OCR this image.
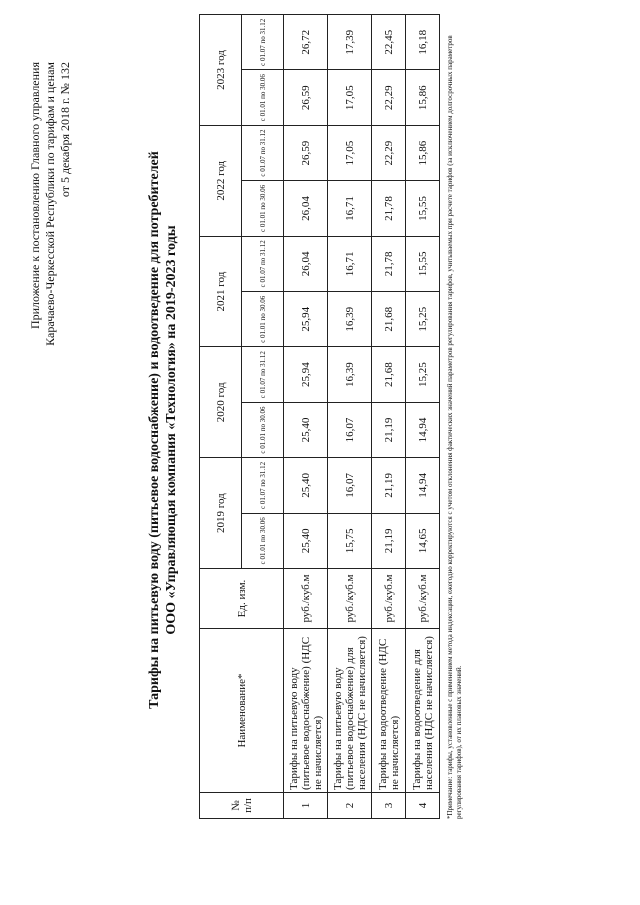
Приложение к постановлению Главного управления Карачаево-Черкесской Республики по тарифам и ценам от 5 декабря 2018 г. № 132
Тарифы на питьевую воду (питьевое водоснабжение) и водоотведение для потребителей ООО «Управляющая компания «Технология» на 2019-2023 годы
№ п/п	Наименование*	Ед. изм.	2019 год		2020 год		2021 год		2022 год		2023 год	
			с 01.01 по 30.06	с 01.07 по 31.12	с 01.01 по 30.06	с 01.07 по 31.12	с 01.01 по 30.06	с 01.07 по 31.12	с 01.01 по 30.06	с 01.07 по 31.12	с 01.01 по 30.06	с 01.07 по 31.12
1	Тарифы на питьевую воду (питьевое водоснабжение) (НДС не начисляется)	руб./куб.м	25,40	25,40	25,40	25,94	25,94	26,04	26,04	26,59	26,59	26,72
2	Тарифы на питьевую воду (питьевое водоснабжение) для населения (НДС не начисляется)	руб./куб.м	15,75	16,07	16,07	16,39	16,39	16,71	16,71	17,05	17,05	17,39
3	Тарифы на водоотведение (НДС не начисляется)	руб./куб.м	21,19	21,19	21,19	21,68	21,68	21,78	21,78	22,29	22,29	22,45
4	Тарифы на водоотведение для населения (НДС не начисляется)	руб./куб.м	14,65	14,94	14,94	15,25	15,25	15,55	15,55	15,86	15,86	16,18	*Примечание: тарифы, установленные с применением метода индексации, ежегодно корректируются с учетом отклонения фактических значений параметров регулирования тарифов, учитываемых при расчете тарифов (за исключением долгосрочных параметров регулирования тарифов), от их плановых значений.
